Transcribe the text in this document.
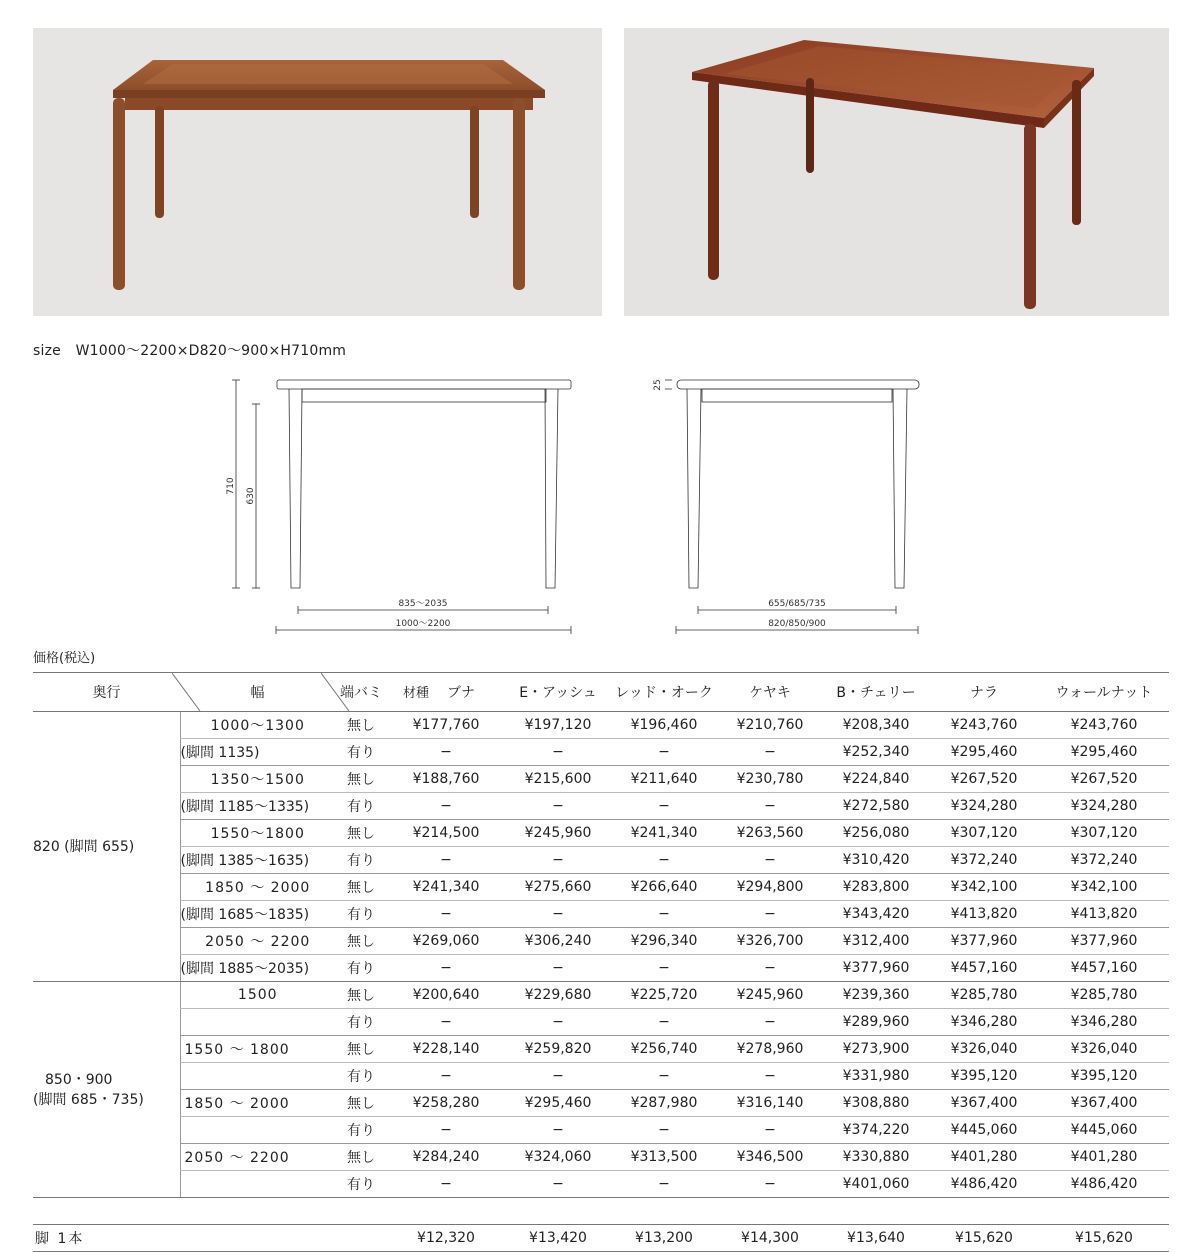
size W1000〜2200×D820〜900×H710mm
710
630
835〜2035
1000〜2200
25
655/685/735
820/850/900
価格(税込)
奥行	幅	端バミ	材種 ブナ	E・アッシュ	レッド・オーク	ケヤキ	B・チェリー	ナラ	ウォールナット
820 (脚間 655)	1000〜1300	無し	¥177,760	¥197,120	¥196,460	¥210,760	¥208,340	¥243,760	¥243,760
	(脚間 1135)	有り	−	−	−	−	¥252,340	¥295,460	¥295,460
	1350〜1500	無し	¥188,760	¥215,600	¥211,640	¥230,780	¥224,840	¥267,520	¥267,520
	(脚間 1185〜1335)	有り	−	−	−	−	¥272,580	¥324,280	¥324,280
	1550〜1800	無し	¥214,500	¥245,960	¥241,340	¥263,560	¥256,080	¥307,120	¥307,120
	(脚間 1385〜1635)	有り	−	−	−	−	¥310,420	¥372,240	¥372,240
	1850 〜 2000	無し	¥241,340	¥275,660	¥266,640	¥294,800	¥283,800	¥342,100	¥342,100
	(脚間 1685〜1835)	有り	−	−	−	−	¥343,420	¥413,820	¥413,820
	2050 〜 2200	無し	¥269,060	¥306,240	¥296,340	¥326,700	¥312,400	¥377,960	¥377,960
	(脚間 1885〜2035)	有り	−	−	−	−	¥377,960	¥457,160	¥457,160

850・900
(脚間 685・735)	1500	無し	¥200,640	¥229,680	¥225,720	¥245,960	¥239,360	¥285,780	¥285,780
		有り	−	−	−	−	¥289,960	¥346,280	¥346,280
	1550 〜 1800	無し	¥228,140	¥259,820	¥256,740	¥278,960	¥273,900	¥326,040	¥326,040
		有り	−	−	−	−	¥331,980	¥395,120	¥395,120
	1850 〜 2000	無し	¥258,280	¥295,460	¥287,980	¥316,140	¥308,880	¥367,400	¥367,400
		有り	−	−	−	−	¥374,220	¥445,060	¥445,060
	2050 〜 2200	無し	¥284,240	¥324,060	¥313,500	¥346,500	¥330,880	¥401,280	¥401,280
		有り	−	−	−	−	¥401,060	¥486,420	¥486,420

脚 1本			¥12,320	¥13,420	¥13,200	¥14,300	¥13,640	¥15,620	¥15,620
